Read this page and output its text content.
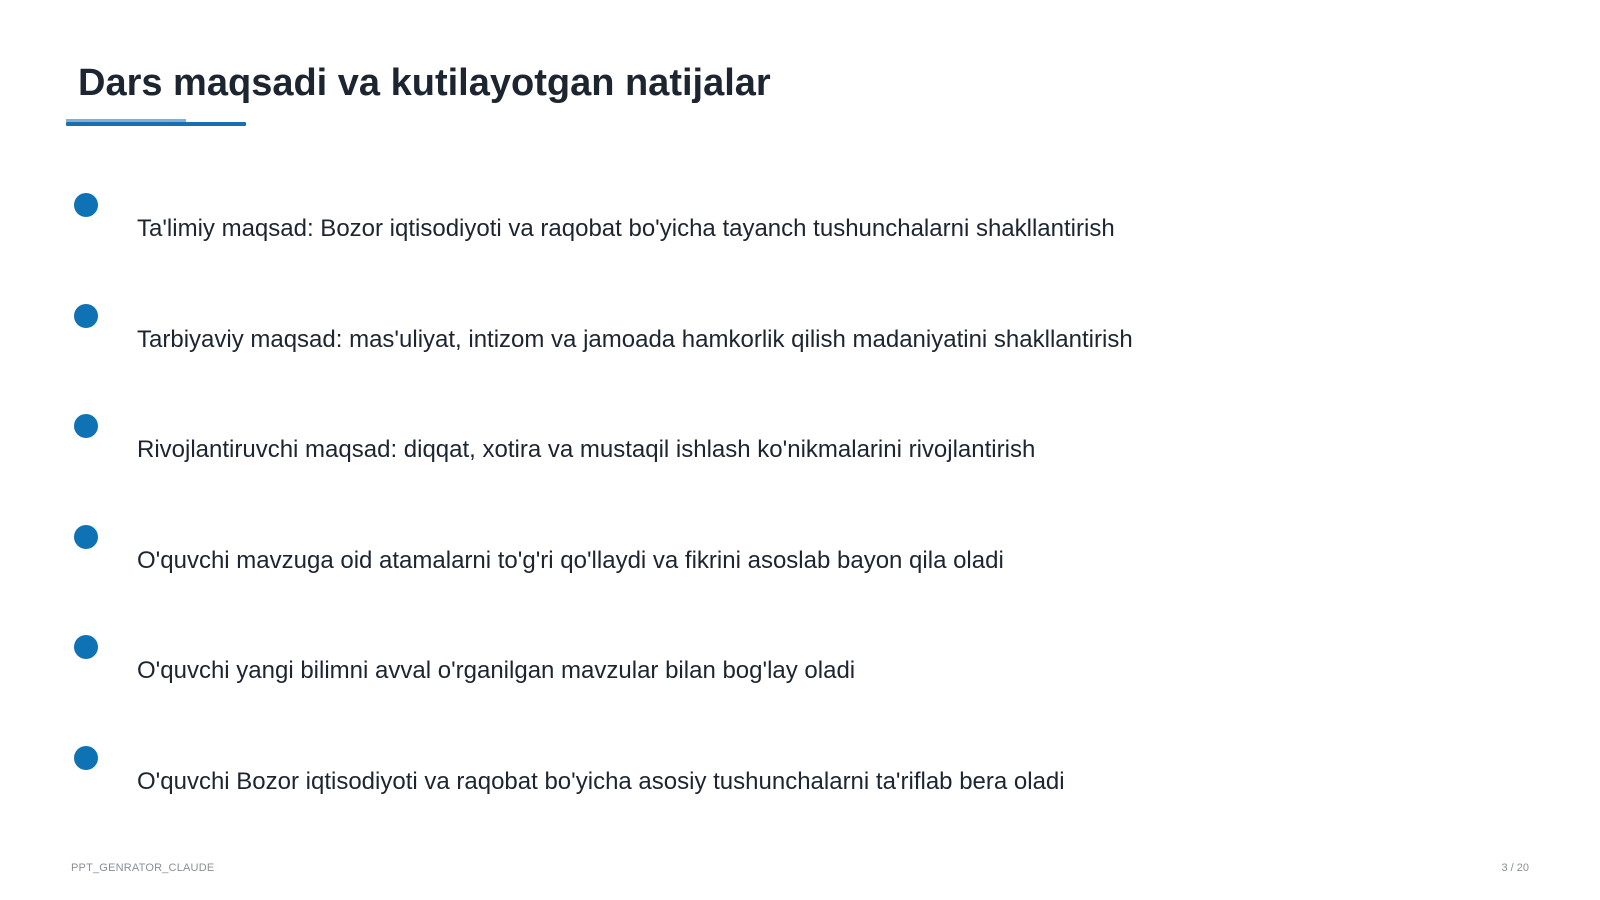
Dars maqsadi va kutilayotgan natijalar
Ta'limiy maqsad: Bozor iqtisodiyoti va raqobat bo'yicha tayanch tushunchalarni shakllantirish
Tarbiyaviy maqsad: mas'uliyat, intizom va jamoada hamkorlik qilish madaniyatini shakllantirish
Rivojlantiruvchi maqsad: diqqat, xotira va mustaqil ishlash ko'nikmalarini rivojlantirish
O'quvchi mavzuga oid atamalarni to'g'ri qo'llaydi va fikrini asoslab bayon qila oladi
O'quvchi yangi bilimni avval o'rganilgan mavzular bilan bog'lay oladi
O'quvchi Bozor iqtisodiyoti va raqobat bo'yicha asosiy tushunchalarni ta'riflab bera oladi
PPT_GENRATOR_CLAUDE	3 / 20
